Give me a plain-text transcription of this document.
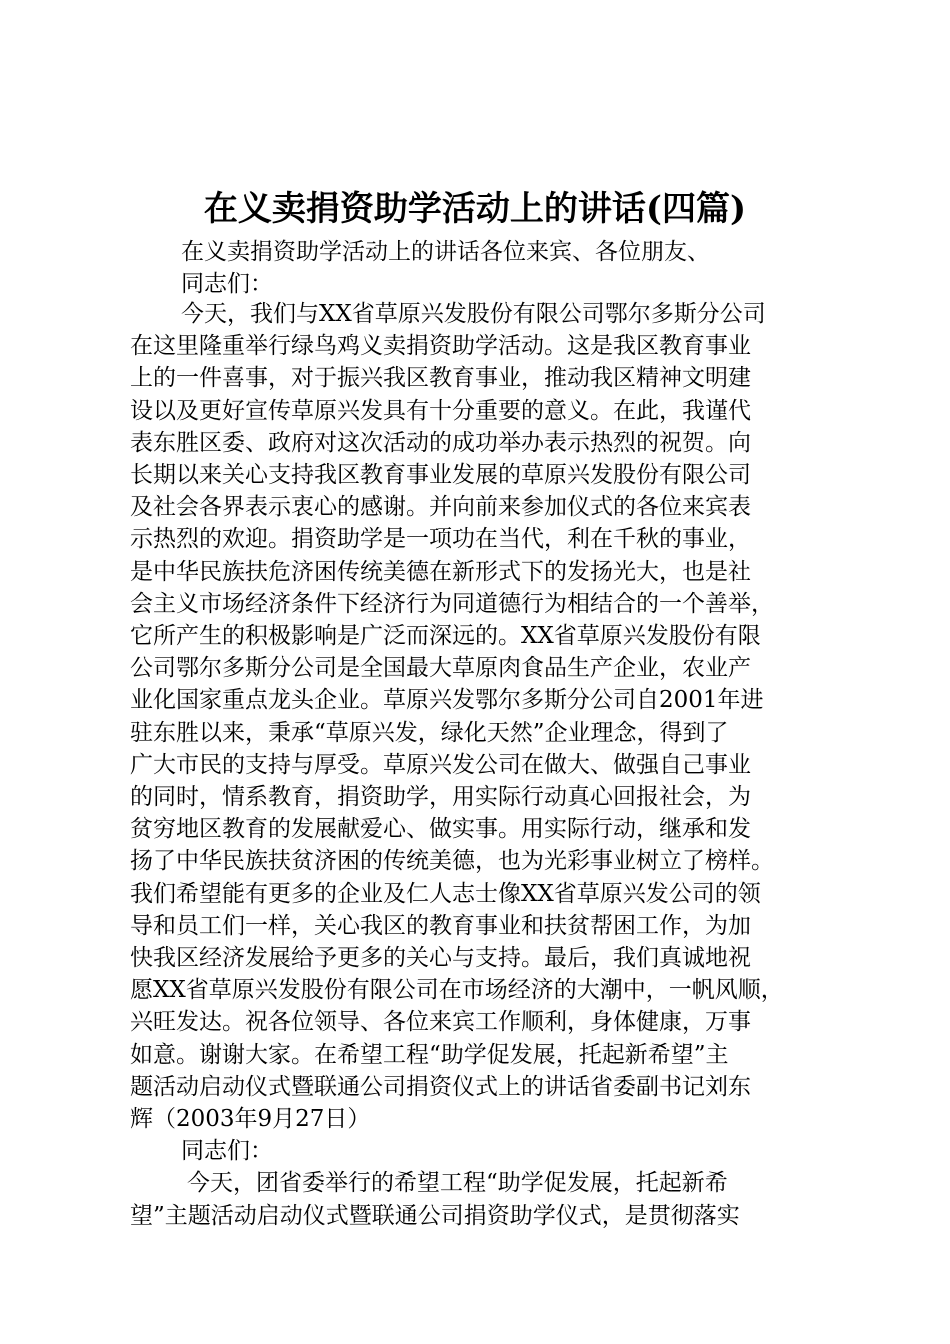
在义卖捐资助学活动上的讲话(四篇)
在义卖捐资助学活动上的讲话各位来宾、各位朋友、
同志们：

今天，我们与XX省草原兴发股份有限公司鄂尔多斯分公司

在这里隆重举行绿鸟鸡义卖捐资助学活动。这是我区教育事业

上的一件喜事，对于振兴我区教育事业，推动我区精神文明建

设以及更好宣传草原兴发具有十分重要的意义。在此，我谨代

表东胜区委、政府对这次活动的成功举办表示热烈的祝贺。向

长期以来关心支持我区教育事业发展的草原兴发股份有限公司

及社会各界表示衷心的感谢。并向前来参加仪式的各位来宾表

示热烈的欢迎。捐资助学是一项功在当代，利在千秋的事业，

是中华民族扶危济困传统美德在新形式下的发扬光大，也是社

会主义市场经济条件下经济行为同道德行为相结合的一个善举，

它所产生的积极影响是广泛而深远的。XX省草原兴发股份有限

公司鄂尔多斯分公司是全国最大草原肉食品生产企业，农业产

业化国家重点龙头企业。草原兴发鄂尔多斯分公司自2001年进

驻东胜以来，秉承“草原兴发，绿化天然”企业理念，得到了

广大市民的支持与厚受。草原兴发公司在做大、做强自己事业

的同时，情系教育，捐资助学，用实际行动真心回报社会，为

贫穷地区教育的发展献爱心、做实事。用实际行动，继承和发

扬了中华民族扶贫济困的传统美德，也为光彩事业树立了榜样。

我们希望能有更多的企业及仁人志士像XX省草原兴发公司的领

导和员工们一样，关心我区的教育事业和扶贫帮困工作，为加

快我区经济发展给予更多的关心与支持。最后，我们真诚地祝

愿XX省草原兴发股份有限公司在市场经济的大潮中，一帆风顺，

兴旺发达。祝各位领导、各位来宾工作顺利，身体健康，万事

如意。谢谢大家。在希望工程“助学促发展，托起新希望”主

题活动启动仪式暨联通公司捐资仪式上的讲话省委副书记刘东

辉（2003年9月27日）

同志们：

今天，团省委举行的希望工程“助学促发展，托起新希

望”主题活动启动仪式暨联通公司捐资助学仪式，是贯彻落实
